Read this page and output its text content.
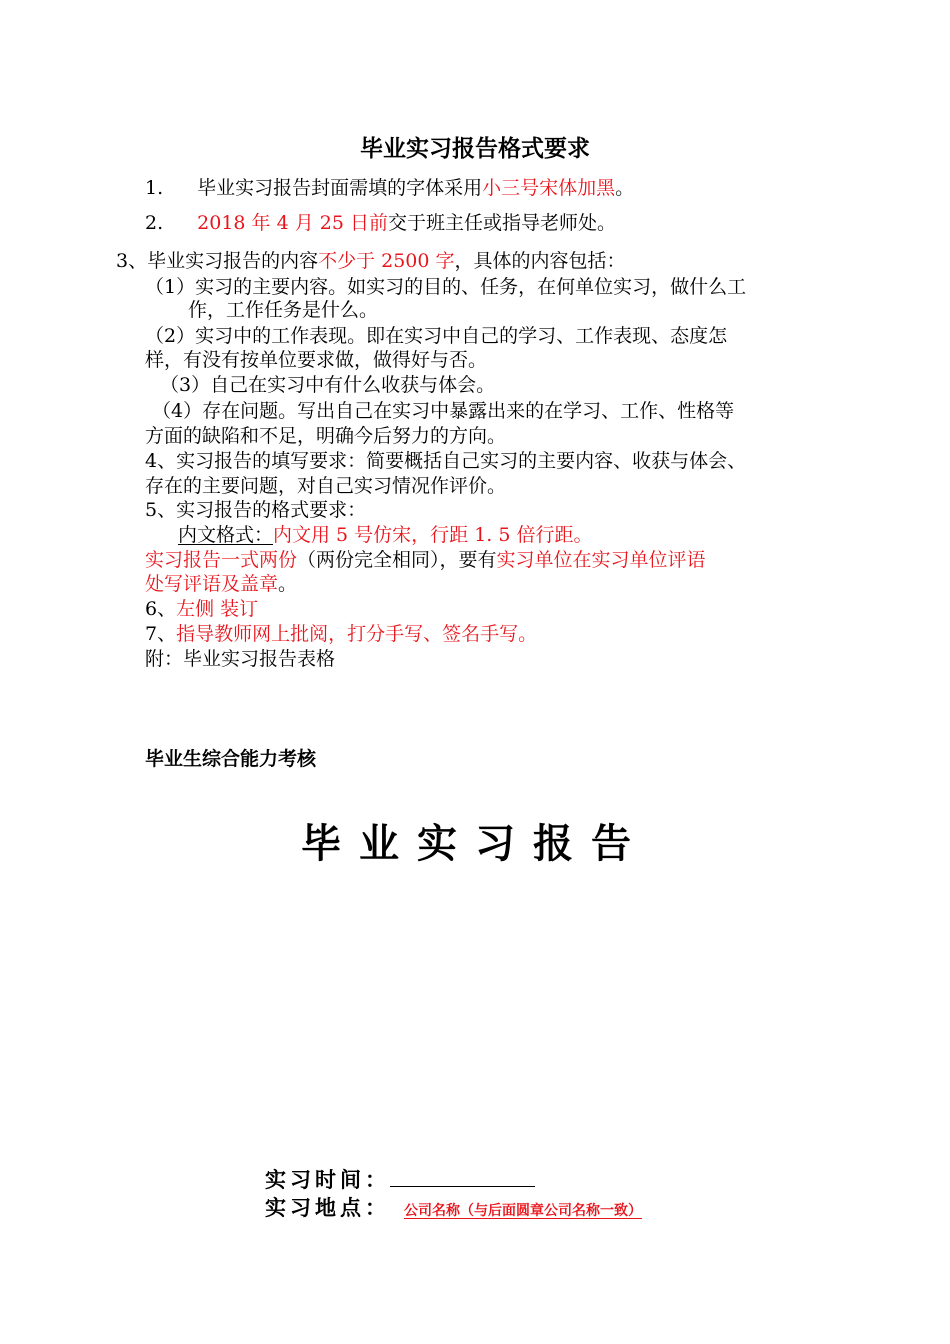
毕业实习报告格式要求
1. 毕业实习报告封面需填的字体采用小三号宋体加黑。
2. 2018 年 4 月 25 日前交于班主任或指导老师处。
3、毕业实习报告的内容不少于 2500 字，具体的内容包括：
（1）实习的主要内容。如实习的目的、任务，在何单位实习，做什么工
作，工作任务是什么。
（2）实习中的工作表现。即在实习中自己的学习、工作表现、态度怎
样，有没有按单位要求做，做得好与否。
（3）自己在实习中有什么收获与体会。
（4）存在问题。写出自己在实习中暴露出来的在学习、工作、性格等
方面的缺陷和不足，明确今后努力的方向。
4、实习报告的填写要求：简要概括自己实习的主要内容、收获与体会、
存在的主要问题，对自己实习情况作评价。
5、实习报告的格式要求：
内文格式：内文用 5 号仿宋，行距 1. 5 倍行距。
实习报告一式两份（两份完全相同），要有实习单位在实习单位评语
处写评语及盖章。
6、左侧 装订
7、指导教师网上批阅，打分手写、签名手写。
附：毕业实习报告表格
毕业生综合能力考核
毕业实习报告
实习时间：
实习地点： 公司名称（与后面圆章公司名称一致）
